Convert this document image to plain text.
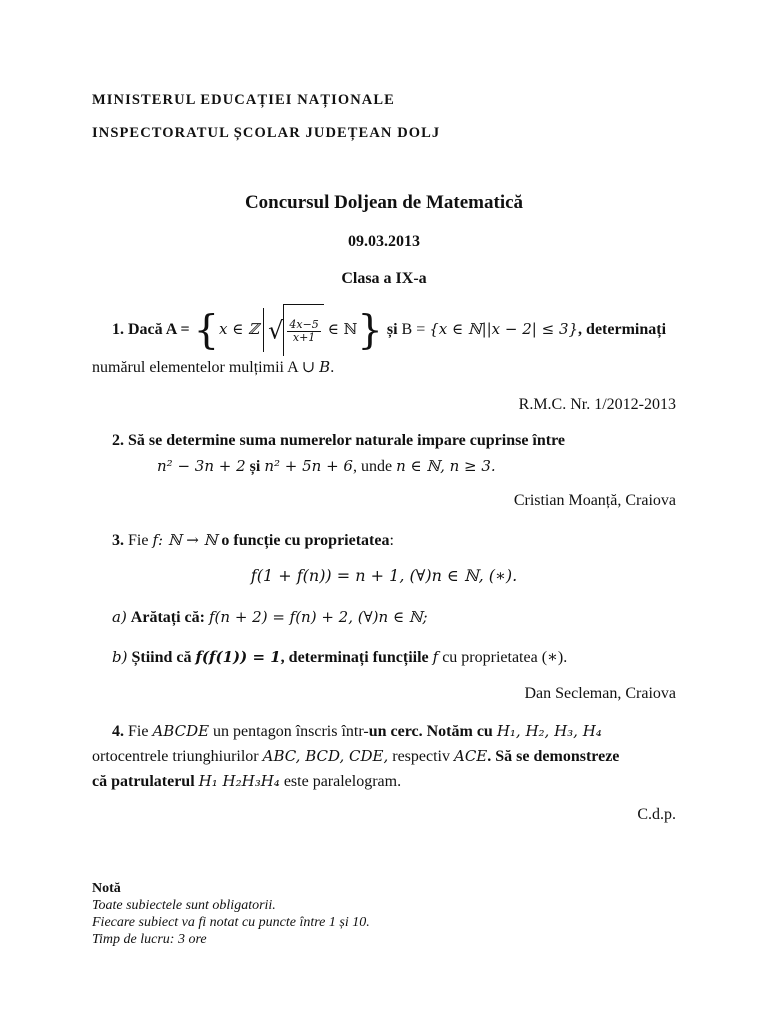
MINISTERUL EDUCAȚIEI NAȚIONALE
INSPECTORATUL ȘCOLAR JUDEȚEAN DOLJ
Concursul Doljean de Matematică
09.03.2013
Clasa a IX-a
1. Dacă A = {x ∈ ℤ √ $\frac{4x-5}{x+1}$ ∈ ℕ} și B = {x ∈ ℕ||x − 2| ≤ 3}, determinați
numărul elementelor mulțimii A ∪ B.
R.M.C. Nr. 1/2012-2013
2. Să se determine suma numerelor naturale impare cuprinse între
n² − 3n + 2 și n² + 5n + 6, unde n ∈ ℕ, n ≥ 3.
Cristian Moanță, Craiova
3. Fie f: ℕ → ℕ o funcție cu proprietatea:
f(1 + f(n)) = n + 1, (∀)n ∈ ℕ, (∗).
a) Arătați că: f(n + 2) = f(n) + 2, (∀)n ∈ ℕ;
b) Știind că f(f(1)) = 1, determinați funcțiile f cu proprietatea (∗).
Dan Secleman, Craiova
4. Fie ABCDE un pentagon înscris într-un cerc. Notăm cu H₁, H₂, H₃, H₄
ortocentrele triunghiurilor ABC, BCD, CDE, respectiv ACE. Să se demonstreze
că patrulaterul H₁ H₂H₃H₄ este paralelogram.
C.d.p.
Notă
Toate subiectele sunt obligatorii.
Fiecare subiect va fi notat cu puncte între 1 și 10.
Timp de lucru: 3 ore
